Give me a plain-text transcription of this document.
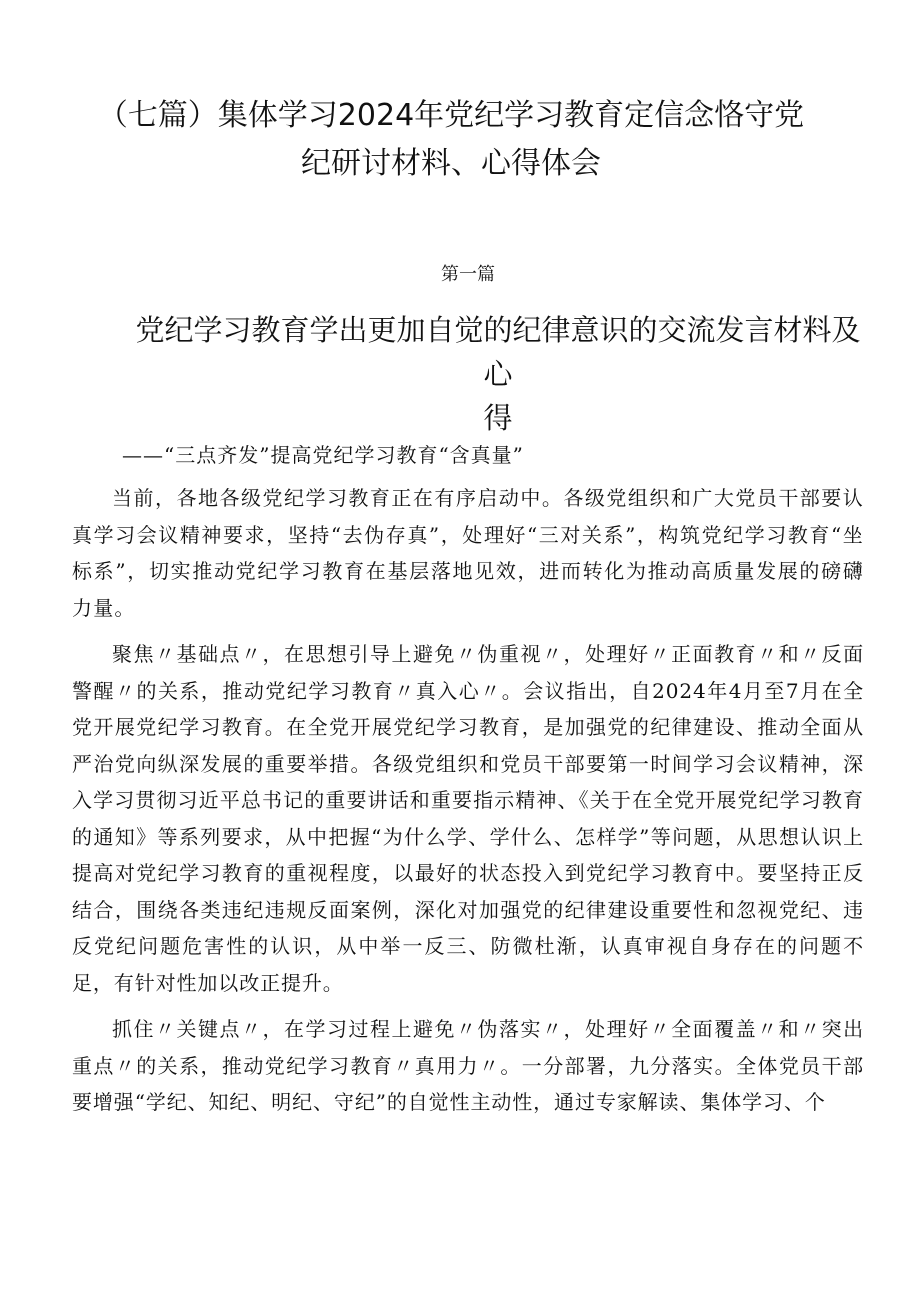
（七篇）集体学习2024年党纪学习教育定信念恪守党
纪研讨材料、心得体会
第一篇
党纪学习教育学出更加自觉的纪律意识的交流发言材料及心
得
——“三点齐发”提高党纪学习教育“含真量”

当前，各地各级党纪学习教育正在有序启动中。各级党组织和广大党员干部要认真学习会议精神要求，坚持“去伪存真”，处理好“三对关系”，构筑党纪学习教育“坐标系”，切实推动党纪学习教育在基层落地见效，进而转化为推动高质量发展的磅礴力量。

聚焦〃基础点〃，在思想引导上避免〃伪重视〃，处理好〃正面教育〃和〃反面警醒〃的关系，推动党纪学习教育〃真入心〃。会议指出，自2024年4月至7月在全党开展党纪学习教育。在全党开展党纪学习教育，是加强党的纪律建设、推动全面从严治党向纵深发展的重要举措。各级党组织和党员干部要第一时间学习会议精神，深入学习贯彻习近平总书记的重要讲话和重要指示精神、《关于在全党开展党纪学习教育的通知》等系列要求，从中把握“为什么学、学什么、怎样学”等问题，从思想认识上提高对党纪学习教育的重视程度，以最好的状态投入到党纪学习教育中。要坚持正反结合，围绕各类违纪违规反面案例，深化对加强党的纪律建设重要性和忽视党纪、违反党纪问题危害性的认识，从中举一反三、防微杜渐，认真审视自身存在的问题不足，有针对性加以改正提升。

抓住〃关键点〃，在学习过程上避免〃伪落实〃，处理好〃全面覆盖〃和〃突出重点〃的关系，推动党纪学习教育〃真用力〃。一分部署，九分落实。全体党员干部要增强“学纪、知纪、明纪、守纪”的自觉性主动性，通过专家解读、集体学习、个
